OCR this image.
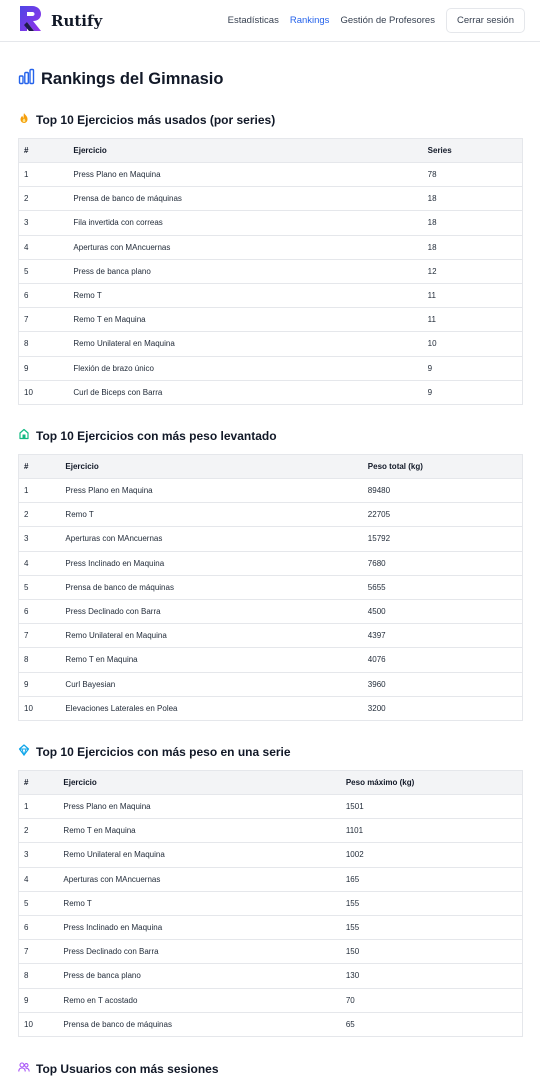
Rutify	Estadísticas Rankings Gestión de Profesores	Cerrar sesión
Rankings del Gimnasio
Top 10 Ejercicios más usados (por series)
#	Ejercicio	Series
1	Press Plano en Maquina	78
2	Prensa de banco de máquinas	18
3	Fila invertida con correas	18
4	Aperturas con MAncuernas	18
5	Press de banca plano	12
6	Remo T	11
7	Remo T en Maquina	11
8	Remo Unilateral en Maquina	10
9	Flexión de brazo único	9
10	Curl de Biceps con Barra	9
Top 10 Ejercicios con más peso levantado
#	Ejercicio	Peso total (kg)
1	Press Plano en Maquina	89480
2	Remo T	22705
3	Aperturas con MAncuernas	15792
4	Press Inclinado en Maquina	7680
5	Prensa de banco de máquinas	5655
6	Press Declinado con Barra	4500
7	Remo Unilateral en Maquina	4397
8	Remo T en Maquina	4076
9	Curl Bayesian	3960
10	Elevaciones Laterales en Polea	3200
Top 10 Ejercicios con más peso en una serie
#	Ejercicio	Peso máximo (kg)
1	Press Plano en Maquina	1501
2	Remo T en Maquina	1101
3	Remo Unilateral en Maquina	1002
4	Aperturas con MAncuernas	165
5	Remo T	155
6	Press Inclinado en Maquina	155
7	Press Declinado con Barra	150
8	Press de banca plano	130
9	Remo en T acostado	70
10	Prensa de banco de máquinas	65
Top Usuarios con más sesiones
